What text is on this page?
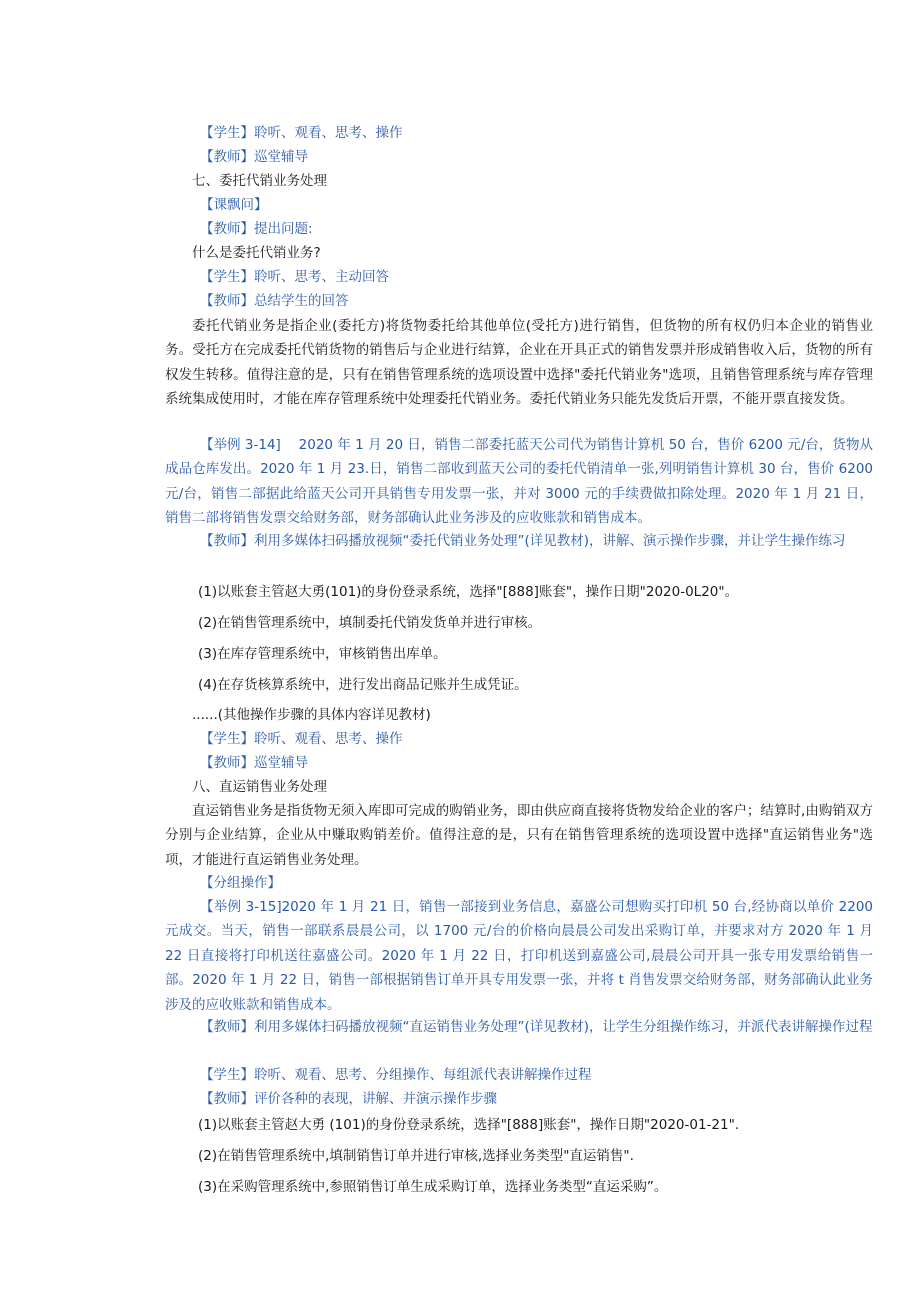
【学生】聆听、观看、思考、操作

【教师】巡堂辅导

七、委托代销业务处理

【课飘问】

【教师】提出问题:

什么是委托代销业务?

【学生】聆听、思考、主动回答

【教师】总结学生的回答

委托代销业务是指企业(委托方)将货物委托给其他单位(受托方)进行销售，但货物的所有权仍归本企业的销售业务。受托方在完成委托代销货物的销售后与企业进行结算，企业在开具正式的销售发票并形成销售收入后，货物的所有权发生转移。值得注意的是，只有在销售管理系统的选项设置中选择"委托代销业务"选项，且销售管理系统与库存管理系统集成使用时，才能在库存管理系统中处理委托代销业务。委托代销业务只能先发货后开票，不能开票直接发货。

【举例 3-14]　 2020 年 1 月 20 日，销售二部委托蓝天公司代为销售计算机 50 台，售价 6200 元/台，货物从成品仓库发出。2020 年 1 月 23.日，销售二部收到蓝天公司的委托代销清单一张,列明销售计算机 30 台，售价 6200 元/台，销售二部据此给蓝天公司开具销售专用发票一张，并对 3000 元的手续费做扣除处理。2020 年 1 月 21 日，销售二部将销售发票交给财务部，财务部确认此业务涉及的应收账款和销售成本。

【教师】利用多媒体扫码播放视频“委托代销业务处理”(详见教材)，讲解、演示操作步骤，并让学生操作练习

(1)以账套主管赵大勇(101)的身份登录系统，选择"[888]账套"，操作日期"2020-0L20"。

(2)在销售管理系统中，填制委托代销发货单并进行审核。

(3)在库存管理系统中，审核销售出库单。

(4)在存货核算系统中，进行发出商品记账并生成凭证。

......(其他操作步骤的具体内容详见教材)

【学生】聆听、观看、思考、操作

【教师】巡堂辅导

八、直运销售业务处理

直运销售业务是指货物无须入库即可完成的购销业务，即由供应商直接将货物发给企业的客户；结算时,由购销双方分别与企业结算，企业从中赚取购销差价。值得注意的是，只有在销售管理系统的选项设置中选择"直运销售业务"选项，才能进行直运销售业务处理。

【分组操作】

【举例 3-15]2020 年 1 月 21 日，销售一部接到业务信息，嘉盛公司想购买打印机 50 台,经协商以单价 2200 元成交。当天，销售一部联系晨晨公司，以 1700 元/台的价格向晨晨公司发出采购订单，并要求对方 2020 年 1 月 22 日直接将打印机送往嘉盛公司。2020 年 1 月 22 日，打印机送到嘉盛公司,晨晨公司开具一张专用发票给销售一部。2020 年 1 月 22 日，销售一部根据销售订单开具专用发票一张，并将 t 肖售发票交给财务部，财务部确认此业务涉及的应收账款和销售成本。

【教师】利用多媒体扫码播放视频“直运销售业务处理”(详见教材)，让学生分组操作练习，并派代表讲解操作过程

【学生】聆听、观看、思考、分组操作、每组派代表讲解操作过程

【教师】评价各种的表现，讲解、并演示操作步骤

(1)以账套主管赵大勇 (101)的身份登录系统，选择"[888]账套"，操作日期"2020-01-21".

(2)在销售管理系统中,填制销售订单并进行审核,选择业务类型"直运销售".

(3)在采购管理系统中,参照销售订单生成采购订单，选择业务类型“直运采购”。
